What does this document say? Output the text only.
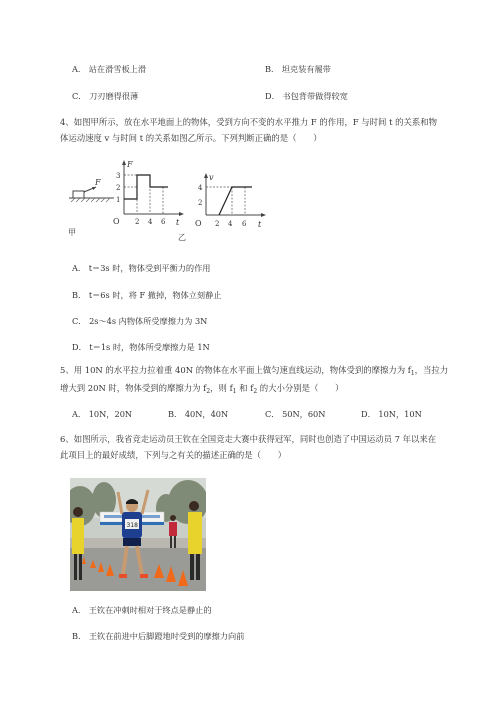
A． 站在滑雪板上滑	B． 坦克装有履带
C． 刀刃磨得很薄	D． 书包背带做得较宽
4、如图甲所示，放在水平地面上的物体，受到方向不变的水平推力 F 的作用，F 与时间 t 的关系和物
体运动速度 v 与时间 t 的关系如图乙所示。下列判断正确的是（　　）
F
甲
F
t
O
3
2
1
2 4 6
v
t
O
4
2
2 4 6
乙
A． t＝3s 时，物体受到平衡力的作用
B． t＝6s 时，将 F 撤掉，物体立刻静止
C． 2s～4s 内物体所受摩擦力为 3N
D． t＝1s 时，物体所受摩擦力是 1N
5、用 10N 的水平拉力拉着重 40N 的物体在水平面上做匀速直线运动，物体受到的摩擦力为 $f_1$，当拉力
增大到 20N 时，物体受到的摩擦力为 $f_2$，则 $f_1$ 和 $f_2$ 的大小分别是（　　）
A． 10N，20N	B． 40N，40N	C． 50N，60N	D． 10N，10N
6、如图所示，我省竞走运动员王钦在全国竞走大赛中获得冠军，同时也创造了中国运动员 7 年以来在
此项目上的最好成绩，下列与之有关的描述正确的是（　　）
318
A． 王钦在冲刺时相对于终点是静止的
B． 王钦在前进中后脚蹬地时受到的摩擦力向前
